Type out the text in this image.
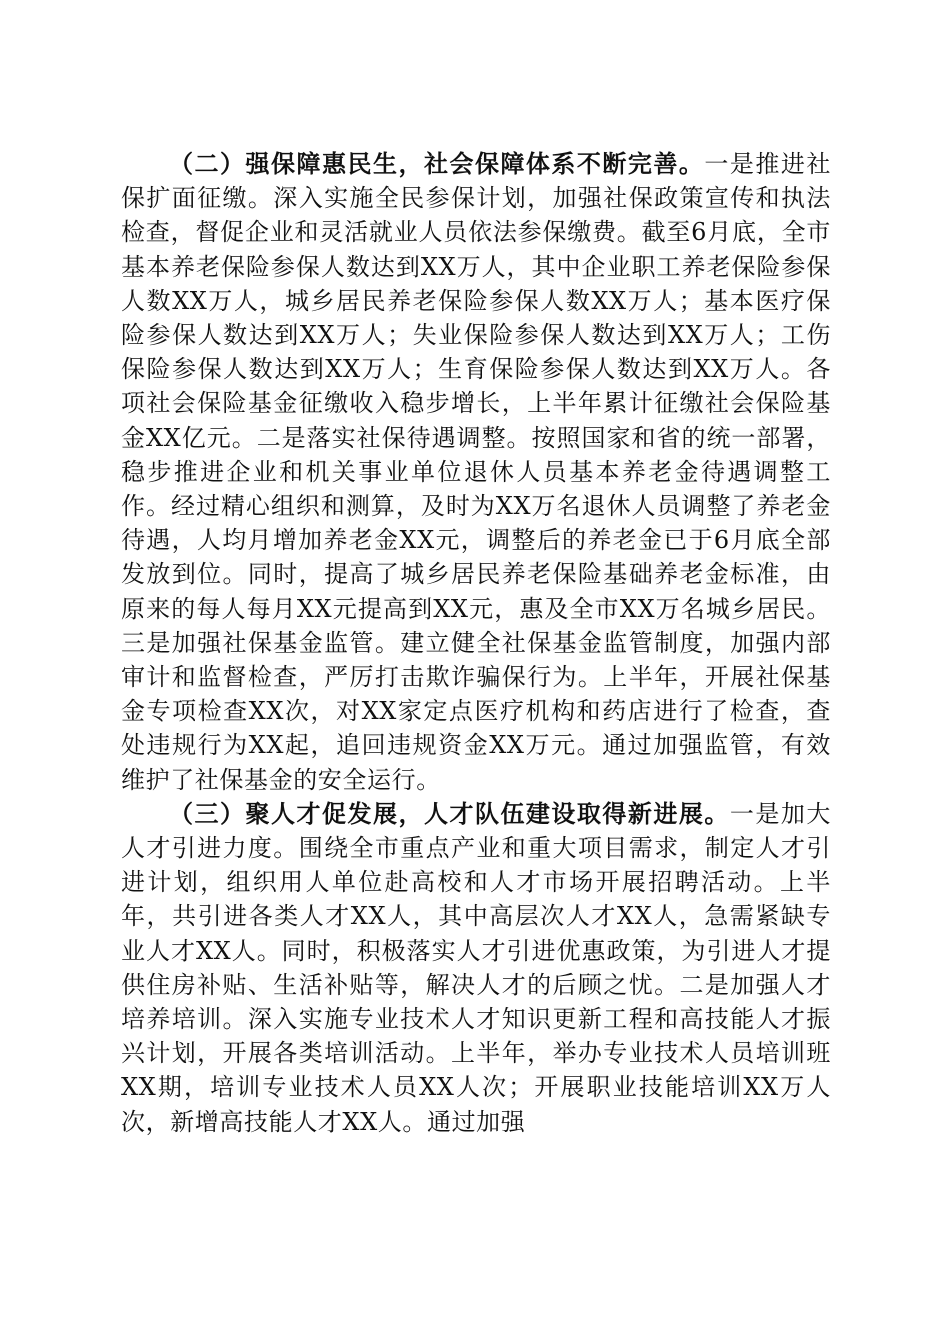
（二）强保障惠民生，社会保障体系不断完善。一是推进社保扩面征缴。深入实施全民参保计划，加强社保政策宣传和执法检查，督促企业和灵活就业人员依法参保缴费。截至6月底，全市基本养老保险参保人数达到XX万人，其中企业职工养老保险参保人数XX万人，城乡居民养老保险参保人数XX万人；基本医疗保险参保人数达到XX万人；失业保险参保人数达到XX万人；工伤保险参保人数达到XX万人；生育保险参保人数达到XX万人。各项社会保险基金征缴收入稳步增长，上半年累计征缴社会保险基金XX亿元。二是落实社保待遇调整。按照国家和省的统一部署，稳步推进企业和机关事业单位退休人员基本养老金待遇调整工作。经过精心组织和测算，及时为XX万名退休人员调整了养老金待遇，人均月增加养老金XX元，调整后的养老金已于6月底全部发放到位。同时，提高了城乡居民养老保险基础养老金标准，由原来的每人每月XX元提高到XX元，惠及全市XX万名城乡居民。三是加强社保基金监管。建立健全社保基金监管制度，加强内部审计和监督检查，严厉打击欺诈骗保行为。上半年，开展社保基金专项检查XX次，对XX家定点医疗机构和药店进行了检查，查处违规行为XX起，追回违规资金XX万元。通过加强监管，有效维护了社保基金的安全运行。

（三）聚人才促发展，人才队伍建设取得新进展。一是加大人才引进力度。围绕全市重点产业和重大项目需求，制定人才引进计划，组织用人单位赴高校和人才市场开展招聘活动。上半年，共引进各类人才XX人，其中高层次人才XX人，急需紧缺专业人才XX人。同时，积极落实人才引进优惠政策，为引进人才提供住房补贴、生活补贴等，解决人才的后顾之忧。二是加强人才培养培训。深入实施专业技术人才知识更新工程和高技能人才振兴计划，开展各类培训活动。上半年，举办专业技术人员培训班XX期，培训专业技术人员XX人次；开展职业技能培训XX万人次，新增高技能人才XX人。通过加强
